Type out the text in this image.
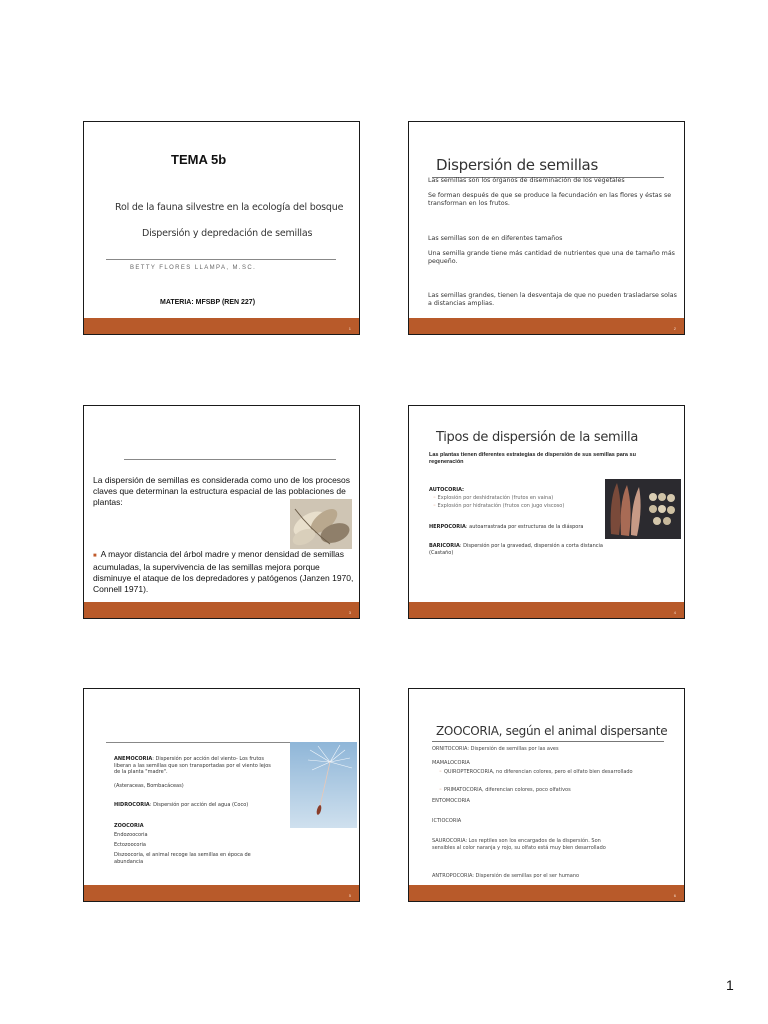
TEMA 5b
Rol de la fauna silvestre en la ecología del bosque
Dispersión y depredación de semillas
BETTY FLORES LLAMPA, M.SC.
MATERIA: MFSBP (REN 227)
1
Dispersión de semillas
Las semillas son los órganos de diseminación de los vegetales
Se forman después de que se produce la fecundación en las flores y éstas se transforman en los frutos.
Las semillas son de en diferentes tamaños
Una semilla grande tiene más cantidad de nutrientes que una de tamaño más pequeño.
Las semillas grandes, tienen la desventaja de que no pueden trasladarse solas a distancias amplias.
2
La dispersión de semillas es considerada como uno de los procesos claves que determinan la estructura espacial de las poblaciones de plantas:
■ A mayor distancia del árbol madre y menor densidad de semillas acumuladas, la supervivencia de las semillas mejora porque disminuye el ataque de los depredadores y patógenos (Janzen 1970, Connell 1971).
3
Tipos de dispersión de la semilla
Las plantas tienen diferentes estrategias de dispersión de sus semillas para su regeneración
AUTOCORIA:
◦ Explosión por deshidratación (frutos en vaina)
◦ Explosión por hidratación (frutos con jugo viscoso)
HERPOCORIA: autoarrastrada por estructuras de la diáspora
BARICORIA: Dispersión por la gravedad, dispersión a corta distancia (Castaño)
4
ANEMOCORIA: Dispersión por acción del viento- Los frutos liberan a las semillas que son transportadas por el viento lejos de la planta "madre".
(Asteraceas, Bombacáceas)
HIDROCORIA: Dispersión por acción del agua (Coco)
ZOOCORIA
Endozoocoria
Ectozoocoria
Diszoocoria, el animal recoge las semillas en época de abundancia
5
ZOOCORIA, según el animal dispersante
ORNITOCORIA: Dispersión de semillas por las aves
MAMALOCORIA
◦ QUIROPTEROCORIA, no diferencian colores, pero el olfato bien desarrollado
◦ PRIMATOCORIA, diferencian colores, poco olfativos
ENTOMOCORIA
ICTIOCORIA
SAUROCORIA: Los reptiles son los encargados de la dispersión. Son sensibles al color naranja y rojo, su olfato está muy bien desarrollado
ANTROPOCORIA: Dispersión de semillas por el ser humano
6
1
